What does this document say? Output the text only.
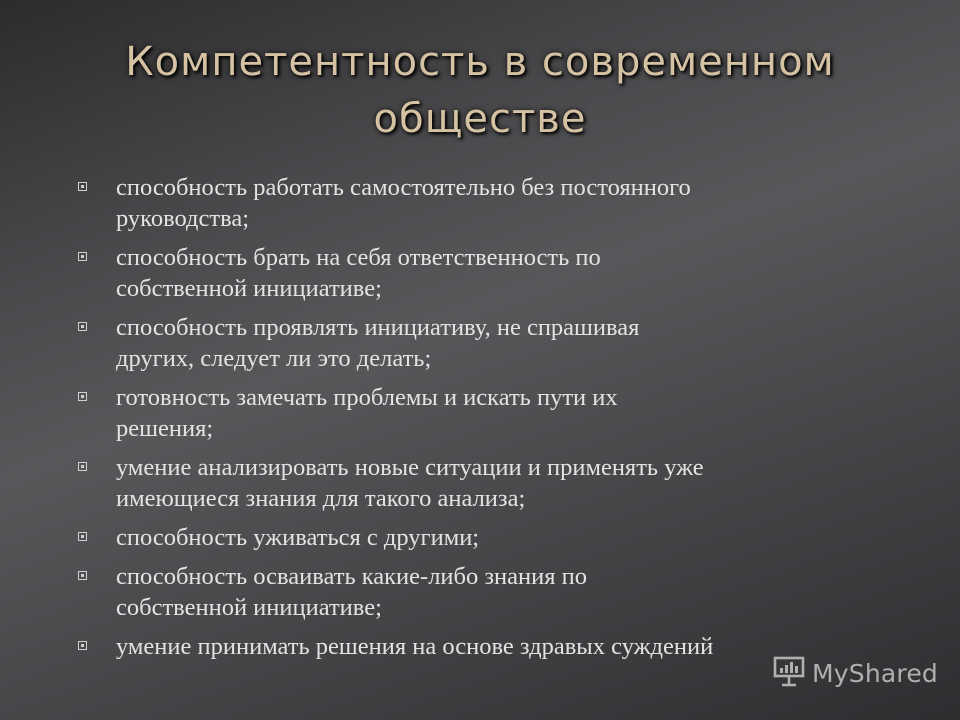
Компетентность в современном
обществе
способность работать самостоятельно без постоянного
руководства;
способность брать на себя ответственность по
собственной инициативе;
способность проявлять инициативу, не спрашивая
других, следует ли это делать;
готовность замечать проблемы и искать пути их
решения;
умение анализировать новые ситуации и применять уже
имеющиеся знания для такого анализа;
способность уживаться с другими;
способность осваивать какие-либо знания по
собственной инициативе;
умение принимать решения на основе здравых суждений
MyShared
